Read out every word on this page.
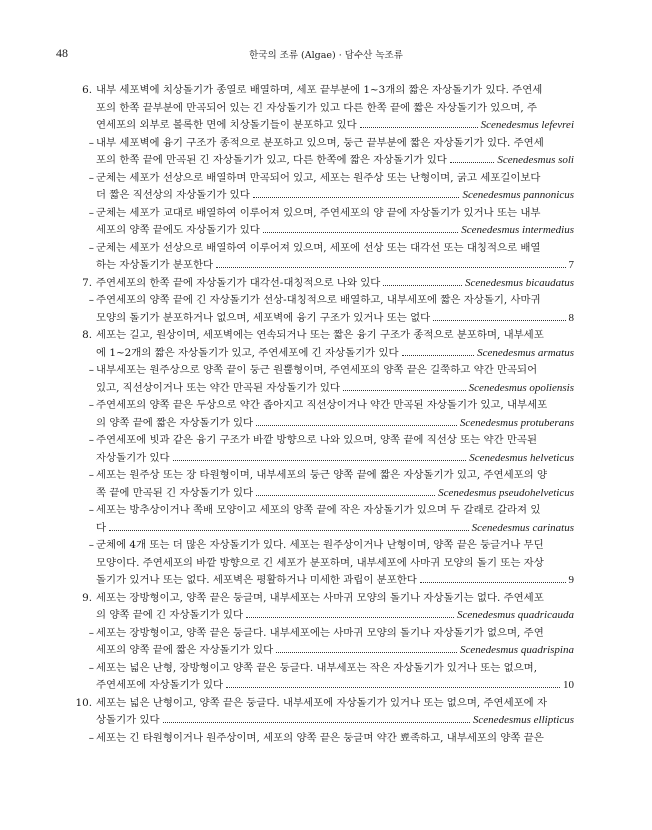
48	한국의 조류 (Algae) · 담수산 녹조류
6. 내부 세포벽에 치상돌기가 종열로 배열하며, 세포 끝부분에 1~3개의 짧은 자상돌기가 있다. 주연세
포의 한쪽 끝부분에 만곡되어 있는 긴 자상돌기가 있고 다른 한쪽 끝에 짧은 자상돌기가 있으며, 주
연세포의 외부로 볼록한 면에 치상돌기들이 분포하고 있다	Scenedesmus lefevrei
– 내부 세포벽에 융기 구조가 종적으로 분포하고 있으며, 둥근 끝부분에 짧은 자상돌기가 있다. 주연세
포의 한쪽 끝에 만곡된 긴 자상돌기가 있고, 다른 한쪽에 짧은 자상돌기가 있다	Scenedesmus soli
– 군체는 세포가 선상으로 배열하며 만곡되어 있고, 세포는 원주상 또는 난형이며, 굵고 세포길이보다
더 짧은 직선상의 자상돌기가 있다	Scenedesmus pannonicus
– 군체는 세포가 교대로 배열하여 이루어져 있으며, 주연세포의 양 끝에 자상돌기가 있거나 또는 내부
세포의 양쪽 끝에도 자상돌기가 있다	Scenedesmus intermedius
– 군체는 세포가 선상으로 배열하여 이루어져 있으며, 세포에 선상 또는 대각선 또는 대칭적으로 배열
하는 자상돌기가 분포한다	7
7. 주연세포의 한쪽 끝에 자상돌기가 대각선-대칭적으로 나와 있다	Scenedesmus bicaudatus
– 주연세포의 양쪽 끝에 긴 자상돌기가 선상-대칭적으로 배열하고, 내부세포에 짧은 자상돌기, 사마귀
모양의 돌기가 분포하거나 없으며, 세포벽에 융기 구조가 있거나 또는 없다	8
8. 세포는 길고, 원상이며, 세포벽에는 연속되거나 또는 짧은 융기 구조가 종적으로 분포하며, 내부세포
에 1~2개의 짧은 자상돌기가 있고, 주연세포에 긴 자상돌기가 있다	Scenedesmus armatus
– 내부세포는 원주상으로 양쪽 끝이 둥근 원뿔형이며, 주연세포의 양쪽 끝은 길쭉하고 약간 만곡되어
있고, 직선상이거나 또는 약간 만곡된 자상돌기가 있다	Scenedesmus opoliensis
– 주연세포의 양쪽 끝은 두상으로 약간 좁아지고 직선상이거나 약간 만곡된 자상돌기가 있고, 내부세포
의 양쪽 끝에 짧은 자상돌기가 있다	Scenedesmus protuberans
– 주연세포에 빗과 같은 융기 구조가 바깥 방향으로 나와 있으며, 양쪽 끝에 직선상 또는 약간 만곡된
자상돌기가 있다	Scenedesmus helveticus
– 세포는 원주상 또는 장 타원형이며, 내부세포의 둥근 양쪽 끝에 짧은 자상돌기가 있고, 주연세포의 양
쪽 끝에 만곡된 긴 자상돌기가 있다	Scenedesmus pseudohelveticus
– 세포는 방추상이거나 쪽배 모양이고 세포의 양쪽 끝에 작은 자상돌기가 있으며 두 갈래로 갈라져 있
다	Scenedesmus carinatus
– 군체에 4개 또는 더 많은 자상돌기가 있다. 세포는 원주상이거나 난형이며, 양쪽 끝은 둥글거나 무딘
모양이다. 주연세포의 바깥 방향으로 긴 세포가 분포하며, 내부세포에 사마귀 모양의 돌기 또는 자상
돌기가 있거나 또는 없다. 세포벽은 평활하거나 미세한 과립이 분포한다	9
9. 세포는 장방형이고, 양쪽 끝은 둥글며, 내부세포는 사마귀 모양의 돌기나 자상돌기는 없다. 주연세포
의 양쪽 끝에 긴 자상돌기가 있다	Scenedesmus quadricauda
– 세포는 장방형이고, 양쪽 끝은 둥글다. 내부세포에는 사마귀 모양의 돌기나 자상돌기가 없으며, 주연
세포의 양쪽 끝에 짧은 자상돌기가 있다	Scenedesmus quadrispina
– 세포는 넓은 난형, 장방형이고 양쪽 끝은 둥글다. 내부세포는 작은 자상돌기가 있거나 또는 없으며,
주연세포에 자상돌기가 있다	10
10. 세포는 넓은 난형이고, 양쪽 끝은 둥글다. 내부세포에 자상돌기가 있거나 또는 없으며, 주연세포에 자
상돌기가 있다	Scenedesmus ellipticus
– 세포는 긴 타원형이거나 원주상이며, 세포의 양쪽 끝은 둥글며 약간 뾰족하고, 내부세포의 양쪽 끝은
